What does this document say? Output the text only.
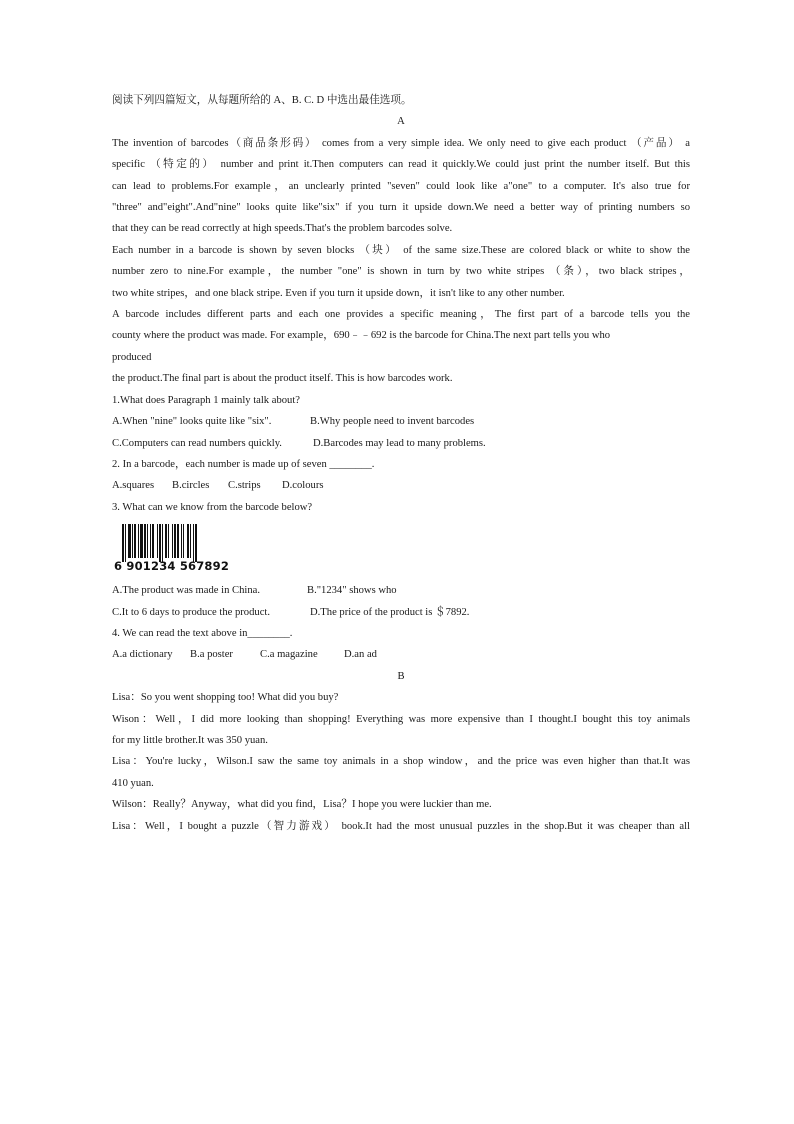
阅读下列四篇短文，从每题所给的 A、B. C. D 中选出最佳选项。
A
The invention of barcodes（商品条形码） comes from a very simple idea. We only need to give each product （产品） a
specific （特定的） number and print it.Then computers can read it quickly.We could just print the number itself. But this
can lead to problems.For example，an unclearly printed "seven" could look like a"one" to a computer. It's also true for
"three" and"eight".And"nine" looks quite like"six" if you turn it upside down.We need a better way of printing numbers so
that they can be read correctly at high speeds.That's the problem barcodes solve.
Each number in a barcode is shown by seven blocks （块） of the same size.These are colored black or white to show the
number zero to nine.For example，the number "one" is shown in turn by two white stripes （条），two black stripes，
two white stripes，and one black stripe. Even if you turn it upside down，it isn't like to any other number.
A barcode includes different parts and each one provides a specific meaning，The first part of a barcode tells you the
county where the product was made. For example，690﹣﹣692 is the barcode for China.The next part tells you who
produced
the product.The final part is about the product itself. This is how barcodes work.
1.What does Paragraph 1 mainly talk about?
A.When "nine" looks quite like "six".	B.Why people need to invent barcodes
C.Computers can read numbers quickly.	D.Barcodes may lead to many problems.
2. In a barcode，each number is made up of seven ________.
A.squares B.circles C.strips D.colours
3. What can we know from the barcode below?
6 901234 567892
A.The product was made in China.	B."1234" shows who
C.It to 6 days to produce the product.	D.The price of the product is ＄7892.
4. We can read the text above in________.
A.a dictionary B.a poster	C.a magazine D.an ad
B
Lisa：So you went shopping too! What did you buy?
Wison：Well，I did more looking than shopping! Everything was more expensive than I thought.I bought this toy animals
for my little brother.It was 350 yuan.
Lisa：You're lucky，Wilson.I saw the same toy animals in a shop window，and the price was even higher than that.It was
410 yuan.
Wilson：Really？Anyway，what did you find，Lisa？I hope you were luckier than me.
Lisa：Well，I bought a puzzle（智力游戏） book.It had the most unusual puzzles in the shop.But it was cheaper than all
